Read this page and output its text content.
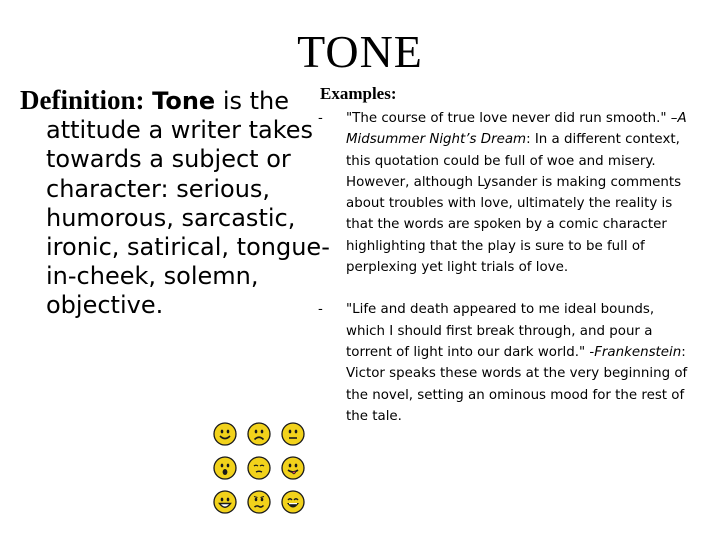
TONE
Definition: Tone is the attitude a writer takes towards a subject or character: serious, humorous, sarcastic, ironic, satirical, tongue-in-cheek, solemn, objective.
Examples:
-	"The course of true love never did run smooth." –A Midsummer Night’s Dream: In a different context, this quotation could be full of woe and misery. However, although Lysander is making comments about troubles with love, ultimately the reality is that the words are spoken by a comic character highlighting that the play is sure to be full of perplexing yet light trials of love.
-	"Life and death appeared to me ideal bounds, which I should first break through, and pour a torrent of light into our dark world." -Frankenstein: Victor speaks these words at the very beginning of the novel, setting an ominous mood for the rest of the tale.
